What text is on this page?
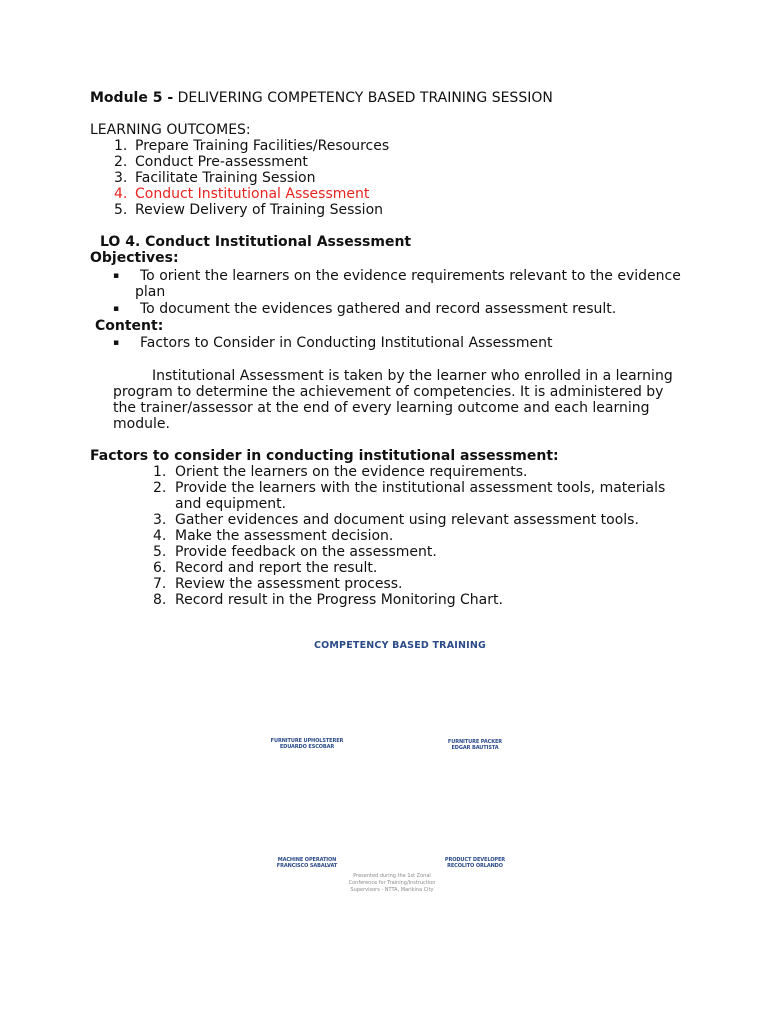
Module 5 - DELIVERING COMPETENCY BASED TRAINING SESSION
LEARNING OUTCOMES:
1. Prepare Training Facilities/Resources
2. Conduct Pre-assessment
3. Facilitate Training Session
4. Conduct Institutional Assessment
5. Review Delivery of Training Session
LO 4. Conduct Institutional Assessment
Objectives:
▪ To orient the learners on the evidence requirements relevant to the evidence
plan
▪ To document the evidences gathered and record assessment result.
Content:
▪ Factors to Consider in Conducting Institutional Assessment
Institutional Assessment is taken by the learner who enrolled in a learning
program to determine the achievement of competencies. It is administered by
the trainer/assessor at the end of every learning outcome and each learning
module.
Factors to consider in conducting institutional assessment:
1. Orient the learners on the evidence requirements.
2. Provide the learners with the institutional assessment tools, materials
and equipment.
3. Gather evidences and document using relevant assessment tools.
4. Make the assessment decision.
5. Provide feedback on the assessment.
6. Record and report the result.
7. Review the assessment process.
8. Record result in the Progress Monitoring Chart.
COMPETENCY BASED TRAINING
FURNITURE UPHOLSTERER
EDUARDO ESCOBAR
FURNITURE PACKER
EDGAR BAUTISTA
MACHINE OPERATION
FRANCISCO SABALVAT
PRODUCT DEVELOPER
RECOLITO ORLANDO
Presented during the 1st Zonal
Conference for Training/Instruction
Supervisors - NTTA, Marikina City
